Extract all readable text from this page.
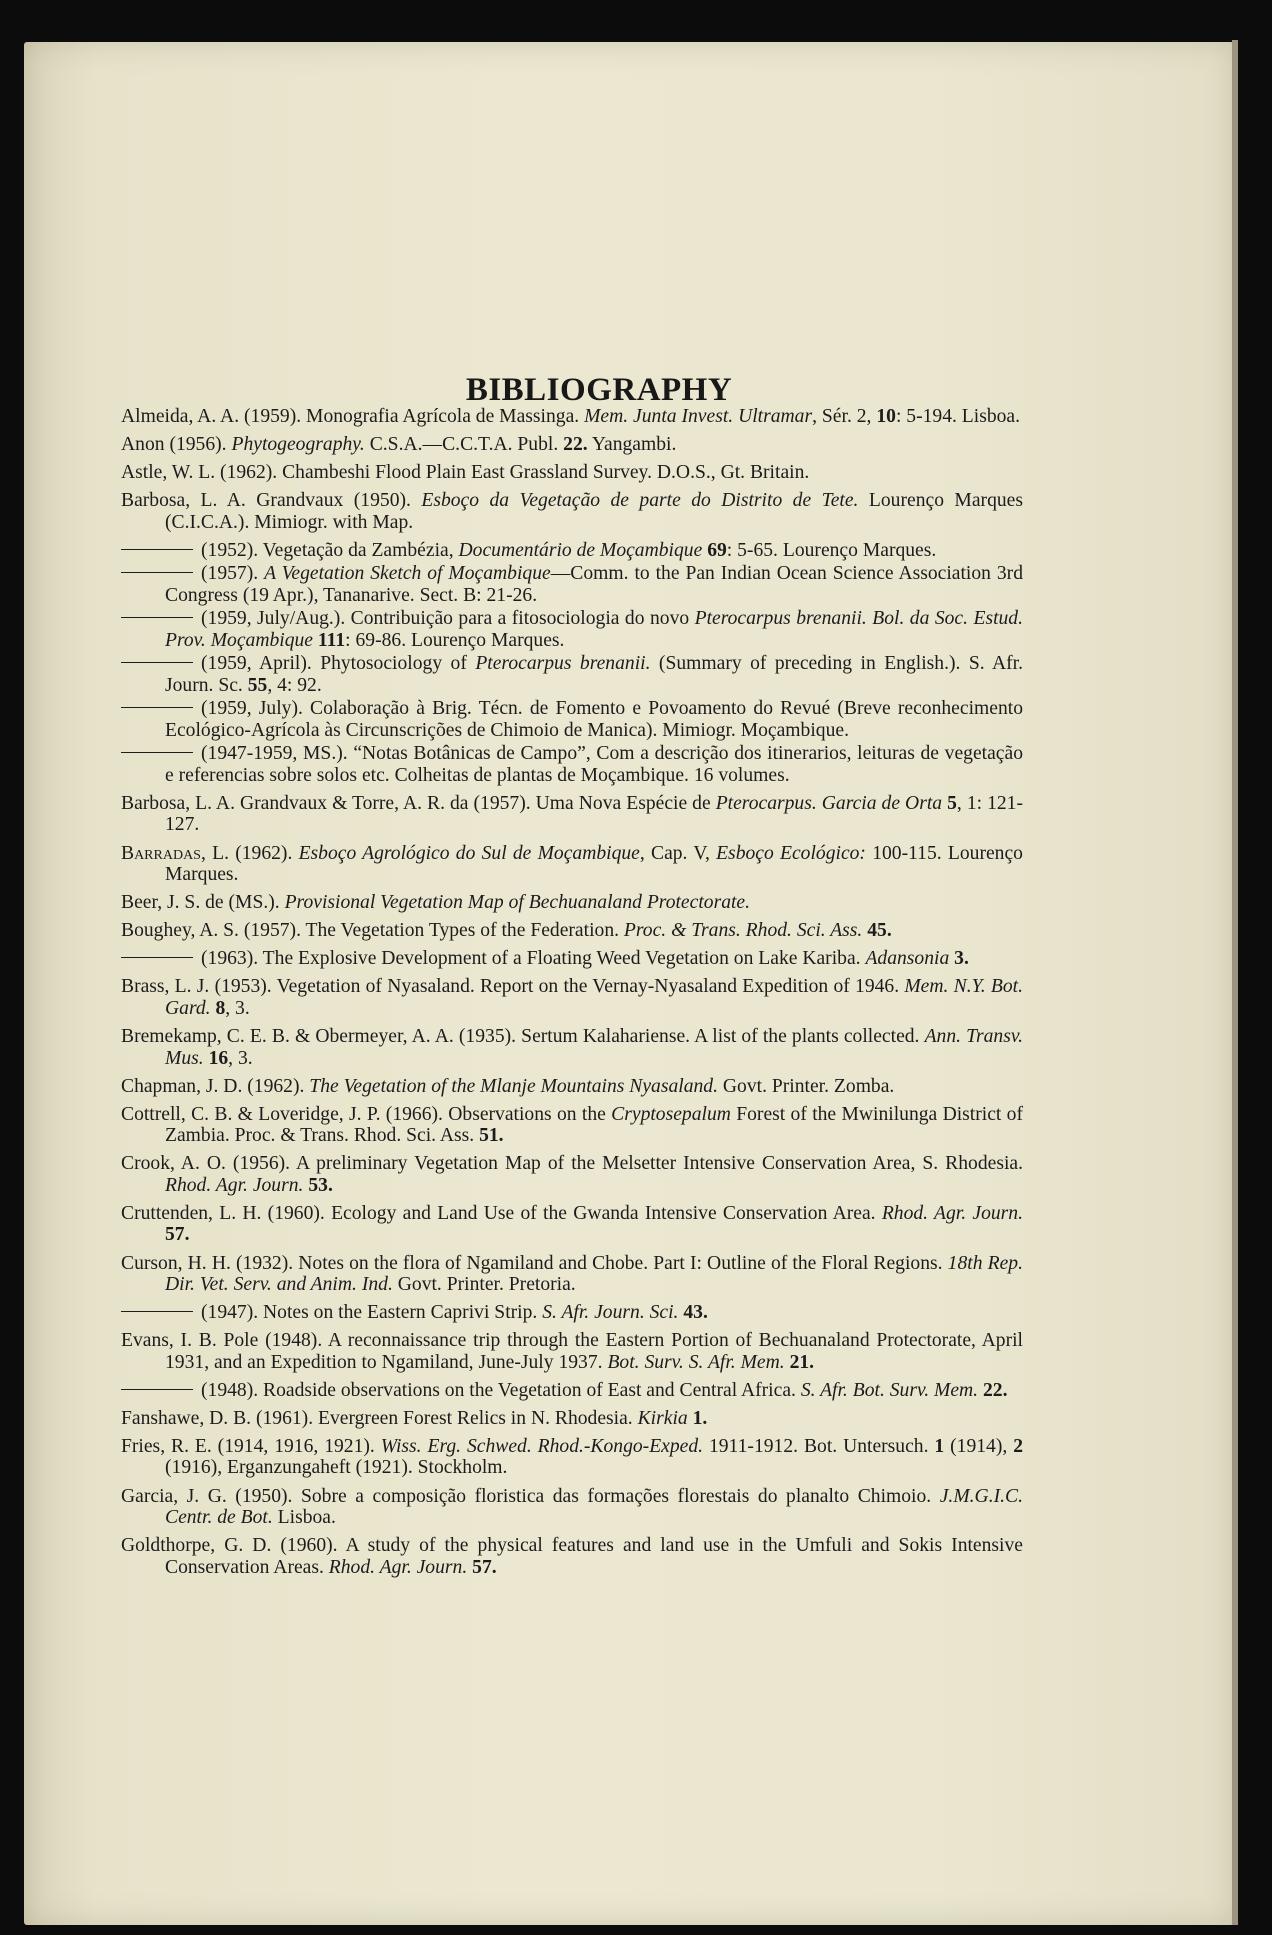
BIBLIOGRAPHY

Almeida, A. A. (1959). Monografia Agrícola de Massinga. Mem. Junta Invest. Ultramar, Sér. 2, 10: 5-194. Lisboa.

Anon (1956). Phytogeography. C.S.A.—C.C.T.A. Publ. 22. Yangambi.

Astle, W. L. (1962). Chambeshi Flood Plain East Grassland Survey. D.O.S., Gt. Britain.

Barbosa, L. A. Grandvaux (1950). Esboço da Vegetação de parte do Distrito de Tete. Lourenço Marques (C.I.C.A.). Mimiogr. with Map.

(1952). Vegetação da Zambézia, Documentário de Moçambique 69: 5-65. Lourenço Marques.

(1957). A Vegetation Sketch of Moçambique—Comm. to the Pan Indian Ocean Science Association 3rd Congress (19 Apr.), Tananarive. Sect. B: 21-26.

(1959, July/Aug.). Contribuição para a fitosociologia do novo Pterocarpus brenanii. Bol. da Soc. Estud. Prov. Moçambique 111: 69-86. Lourenço Marques.

(1959, April). Phytosociology of Pterocarpus brenanii. (Summary of preceding in English.). S. Afr. Journ. Sc. 55, 4: 92.

(1959, July). Colaboração à Brig. Técn. de Fomento e Povoamento do Revué (Breve reconhecimento Ecológico-Agrícola às Circunscrições de Chimoio de Manica). Mimiogr. Moçambique.

(1947-1959, MS.). “Notas Botânicas de Campo”, Com a descrição dos itinerarios, leituras de vegetação e referencias sobre solos etc. Colheitas de plantas de Moçambique. 16 volumes.

Barbosa, L. A. Grandvaux & Torre, A. R. da (1957). Uma Nova Espécie de Pterocarpus. Garcia de Orta 5, 1: 121-127.

Barradas, L. (1962). Esboço Agrológico do Sul de Moçambique, Cap. V, Esboço Ecológico: 100-115. Lourenço Marques.

Beer, J. S. de (MS.). Provisional Vegetation Map of Bechuanaland Protectorate.

Boughey, A. S. (1957). The Vegetation Types of the Federation. Proc. & Trans. Rhod. Sci. Ass. 45.

(1963). The Explosive Development of a Floating Weed Vegetation on Lake Kariba. Adansonia 3.

Brass, L. J. (1953). Vegetation of Nyasaland. Report on the Vernay-Nyasaland Expedition of 1946. Mem. N.Y. Bot. Gard. 8, 3.

Bremekamp, C. E. B. & Obermeyer, A. A. (1935). Sertum Kalahariense. A list of the plants collected. Ann. Transv. Mus. 16, 3.

Chapman, J. D. (1962). The Vegetation of the Mlanje Mountains Nyasaland. Govt. Printer. Zomba.

Cottrell, C. B. & Loveridge, J. P. (1966). Observations on the Cryptosepalum Forest of the Mwinilunga District of Zambia. Proc. & Trans. Rhod. Sci. Ass. 51.

Crook, A. O. (1956). A preliminary Vegetation Map of the Melsetter Intensive Conservation Area, S. Rhodesia. Rhod. Agr. Journ. 53.

Cruttenden, L. H. (1960). Ecology and Land Use of the Gwanda Intensive Conservation Area. Rhod. Agr. Journ. 57.

Curson, H. H. (1932). Notes on the flora of Ngamiland and Chobe. Part I: Outline of the Floral Regions. 18th Rep. Dir. Vet. Serv. and Anim. Ind. Govt. Printer. Pretoria.

(1947). Notes on the Eastern Caprivi Strip. S. Afr. Journ. Sci. 43.

Evans, I. B. Pole (1948). A reconnaissance trip through the Eastern Portion of Bechuanaland Protectorate, April 1931, and an Expedition to Ngamiland, June-July 1937. Bot. Surv. S. Afr. Mem. 21.

(1948). Roadside observations on the Vegetation of East and Central Africa. S. Afr. Bot. Surv. Mem. 22.

Fanshawe, D. B. (1961). Evergreen Forest Relics in N. Rhodesia. Kirkia 1.

Fries, R. E. (1914, 1916, 1921). Wiss. Erg. Schwed. Rhod.-Kongo-Exped. 1911-1912. Bot. Untersuch. 1 (1914), 2 (1916), Erganzungaheft (1921). Stockholm.

Garcia, J. G. (1950). Sobre a composição floristica das formações florestais do planalto Chimoio. J.M.G.I.C. Centr. de Bot. Lisboa.

Goldthorpe, G. D. (1960). A study of the physical features and land use in the Umfuli and Sokis Intensive Conservation Areas. Rhod. Agr. Journ. 57.
